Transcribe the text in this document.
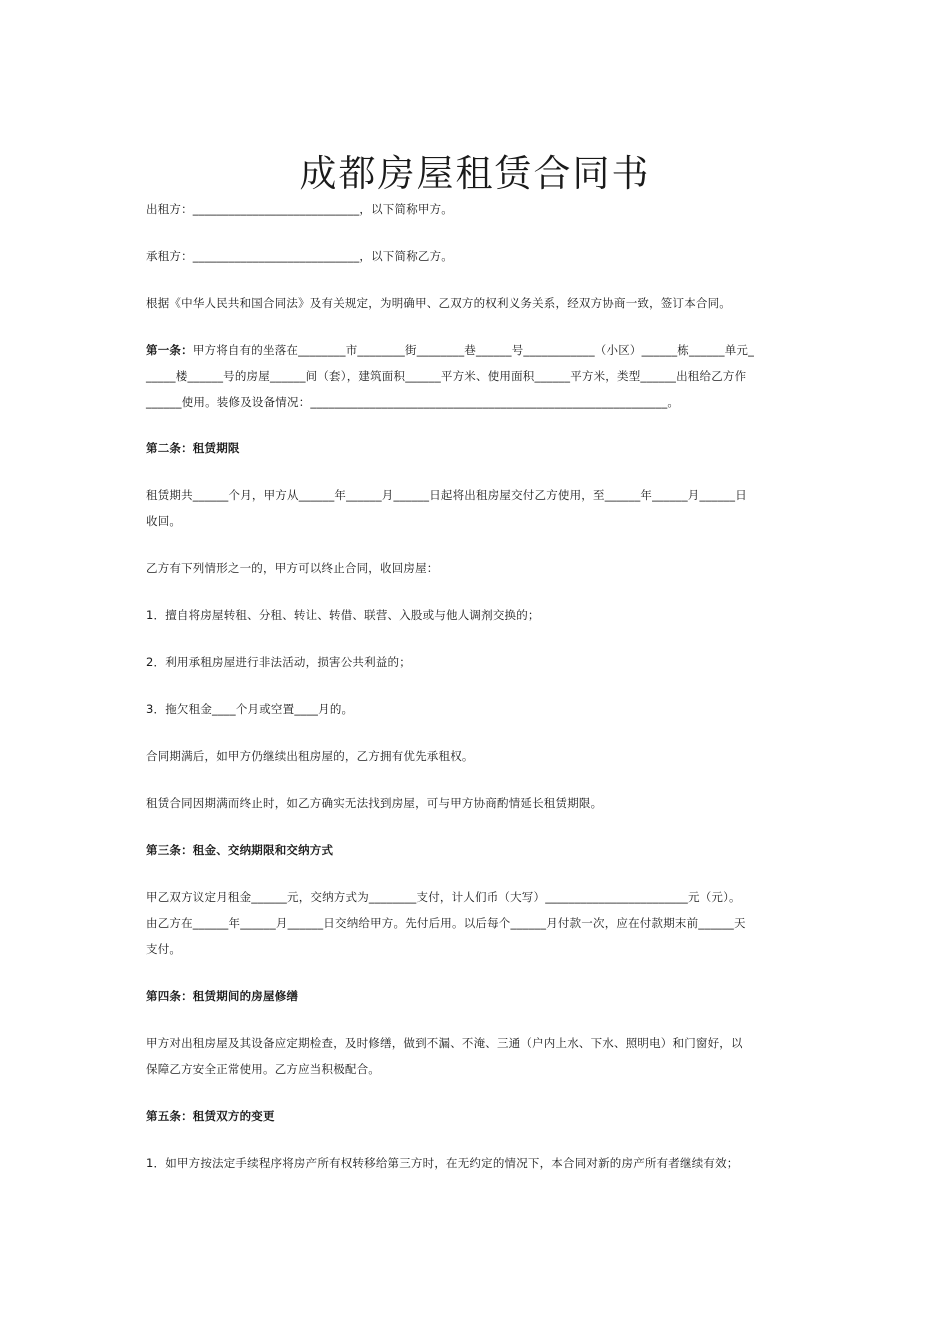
成都房屋租赁合同书
出租方：____________________________，以下简称甲方。
承租方：____________________________，以下简称乙方。
根据《中华人民共和国合同法》及有关规定，为明确甲、乙双方的权利义务关系，经双方协商一致，签订本合同。
第一条：甲方将自有的坐落在________市________街________巷______号____________（小区）______栋______单元_
_____楼______号的房屋______间（套），建筑面积______平方米、使用面积______平方米，类型______出租给乙方作
______使用。装修及设备情况：____________________________________________________________。
第二条：租赁期限
租赁期共______个月，甲方从______年______月______日起将出租房屋交付乙方使用，至______年______月______日
收回。
乙方有下列情形之一的，甲方可以终止合同，收回房屋：
1．擅自将房屋转租、分租、转让、转借、联营、入股或与他人调剂交换的；
2．利用承租房屋进行非法活动，损害公共利益的；
3．拖欠租金____个月或空置____月的。
合同期满后，如甲方仍继续出租房屋的，乙方拥有优先承租权。
租赁合同因期满而终止时，如乙方确实无法找到房屋，可与甲方协商酌情延长租赁期限。
第三条：租金、交纳期限和交纳方式
甲乙双方议定月租金______元，交纳方式为________支付，计人们币（大写）________________________元（元）。
由乙方在______年______月______日交纳给甲方。先付后用。以后每个______月付款一次，应在付款期末前______天
支付。
第四条：租赁期间的房屋修缮
甲方对出租房屋及其设备应定期检查，及时修缮，做到不漏、不淹、三通（户内上水、下水、照明电）和门窗好，以
保障乙方安全正常使用。乙方应当积极配合。
第五条：租赁双方的变更
1．如甲方按法定手续程序将房产所有权转移给第三方时，在无约定的情况下，本合同对新的房产所有者继续有效；
